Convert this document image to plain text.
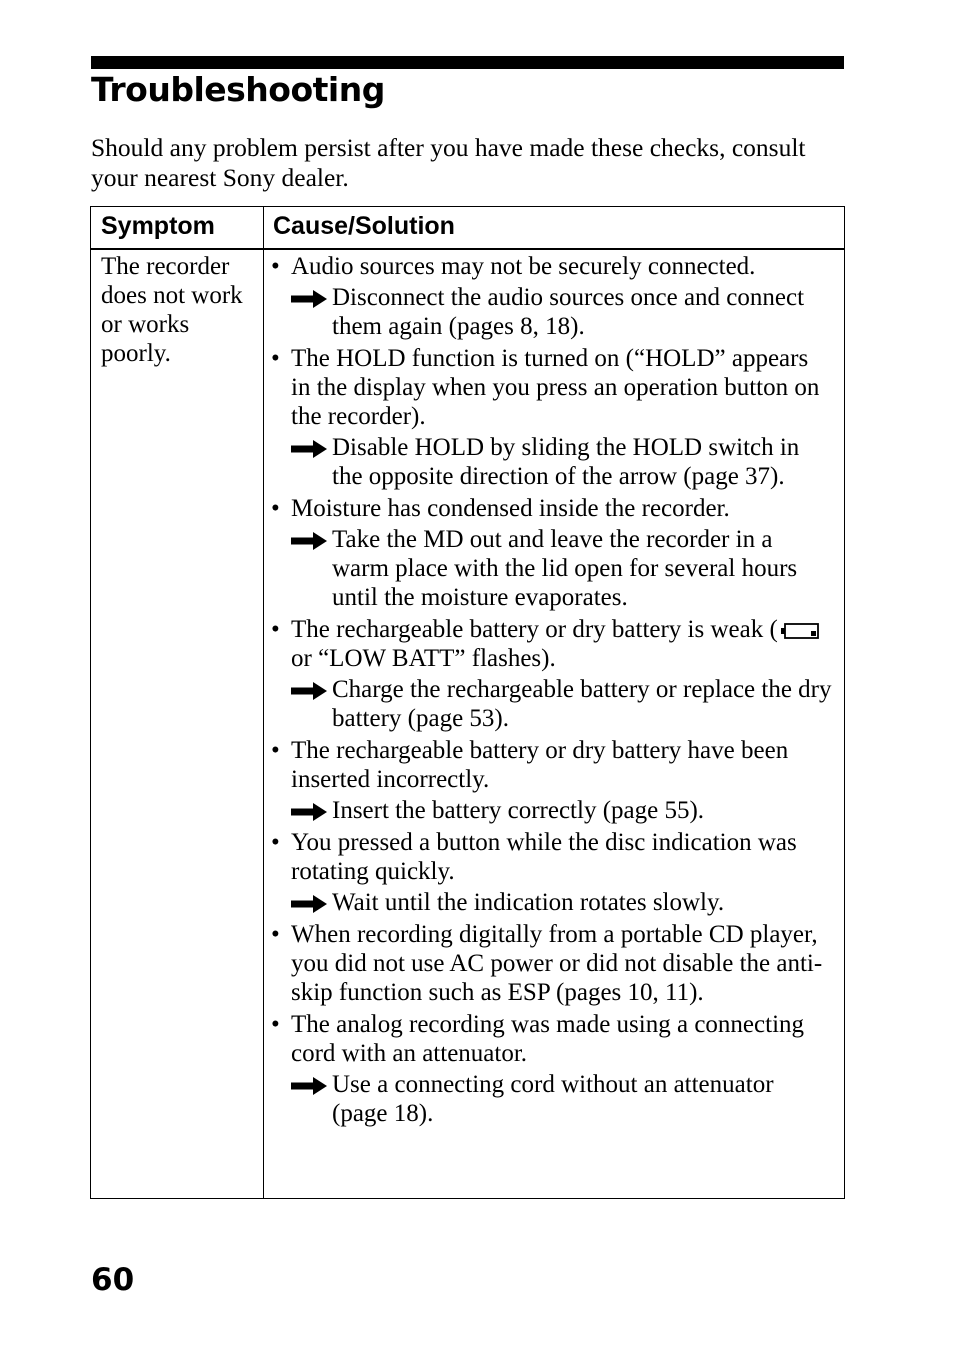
Troubleshooting

Should any problem persist after you have made these checks, consult your nearest Sony dealer.

Symptom Cause/Solution

The recorder does not work or works poorly.

• Audio sources may not be securely connected.
Disconnect the audio sources once and connect them again (pages 8, 18).
• The HOLD function is turned on (“HOLD” appears in the display when you press an operation button on the recorder).
Disable HOLD by sliding the HOLD switch in the opposite direction of the arrow (page 37).
• Moisture has condensed inside the recorder.
Take the MD out and leave the recorder in a warm place with the lid open for several hours until the moisture evaporates.
• The rechargeable battery or dry battery is weak ( or “LOW BATT” flashes).
Charge the rechargeable battery or replace the dry battery (page 53).
• The rechargeable battery or dry battery have been inserted incorrectly.
Insert the battery correctly (page 55).
• You pressed a button while the disc indication was rotating quickly.
Wait until the indication rotates slowly.
• When recording digitally from a portable CD player, you did not use AC power or did not disable the anti-skip function such as ESP (pages 10, 11).
• The analog recording was made using a connecting cord with an attenuator.
Use a connecting cord without an attenuator (page 18).

60
